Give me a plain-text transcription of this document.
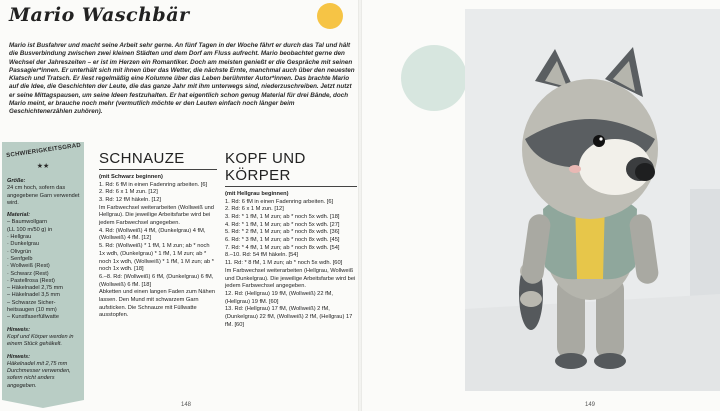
Mario Waschbär

Mario ist Busfahrer und macht seine Arbeit sehr gerne. An fünf Tagen in der Woche fährt er durch das Tal und hält die Busverbindung zwischen zwei kleinen Städten und dem Dorf am Fluss aufrecht. Mario beobachtet gerne den Wechsel der Jahreszeiten – er ist im Herzen ein Romantiker. Doch am meisten genießt er die Gespräche mit seinen Passagier*innen. Er unterhält sich mit ihnen über das Wetter, die nächste Ernte, manchmal auch über den neuesten Klatsch und Tratsch. Er liest regelmäßig eine Kolumne über das Leben berühmter Autor*innen. Das brachte Mario auf die Idee, die Geschichten der Leute, die das ganze Jahr mit ihm unterwegs sind, niederzuschreiben. Jetzt nutzt er seine Mittagspausen, um seine Ideen festzuhalten. Er hat eigentlich schon genug Material für drei Bände, doch Mario meint, er brauche noch mehr (vermutlich möchte er den Leuten einfach noch länger beim Geschichtenerzählen zuhören).

SCHWIERIGKEITSGRAD
★★
Größe:
24 cm hoch, sofern das angegebene Garn verwendet wird.
Material:
– Baumwollgarn
(LL 100 m/50 g) in
· Hellgrau
· Dunkelgrau
· Olivgrün
· Senfgelb
· Wollweiß (Rest)
· Schwarz (Rest)
· Pastellrosa (Rest)
– Häkelnadel 2,75 mm
– Häkelnadel 3,5 mm
– Schwarze Sicher-
heitsaugen (10 mm)
– Kunstfaserfüllwatte
Hinweis:
Kopf und Körper werden in einem Stück gehäkelt.
Hinweis:
Häkelnadel mit 2,75 mm Durchmesser verwenden, sofern nicht anders angegeben.
SCHNAUZE
(mit Schwarz beginnen)

1. Rd: 6 fM in einen Fadenring arbeiten. [6]

2. Rd: 6 x 1 M zun. [12]

3. Rd: 12 fM häkeln. [12]

Im Farbwechsel weiterarbeiten (Wollweiß und Hellgrau). Die jeweilige Arbeitsfarbe wird bei jedem Farbwechsel angegeben.

4. Rd: (Wollweiß) 4 fM, (Dunkelgrau) 4 fM, (Wollweiß) 4 fM. [12]

5. Rd: (Wollweiß) * 1 fM, 1 M zun; ab * noch 1x wdh, (Dunkelgrau) * 1 fM, 1 M zun; ab * noch 1x wdh, (Wollweiß) * 1 fM, 1 M zun; ab * noch 1x wdh. [18]

6.–8. Rd: (Wollweiß) 6 fM, (Dunkelgrau) 6 fM, (Wollweiß) 6 fM. [18]

Abketten und einen langen Faden zum Nähen lassen. Den Mund mit schwarzem Garn aufsticken. Die Schnauze mit Füllwatte ausstopfen.

KOPF UND KÖRPER
(mit Hellgrau beginnen)

1. Rd: 6 fM in einen Fadenring arbeiten. [6]

2. Rd: 6 x 1 M zun. [12]

3. Rd: * 1 fM, 1 M zun; ab * noch 5x wdh. [18]

4. Rd: * 1 fM, 1 M zun; ab * noch 5x wdh. [27]

5. Rd: * 2 fM, 1 M zun; ab * noch 8x wdh. [36]

6. Rd: * 3 fM, 1 M zun; ab * noch 8x wdh. [45]

7. Rd: * 4 fM, 1 M zun; ab * noch 8x wdh. [54]

8.–10. Rd: 54 fM häkeln. [54]

11. Rd: * 8 fM, 1 M zun; ab * noch 5x wdh. [60]

Im Farbwechsel weiterarbeiten (Hellgrau, Wollweiß und Dunkelgrau). Die jeweilige Arbeitsfarbe wird bei jedem Farbwechsel angegeben.

12. Rd: (Hellgrau) 19 fM, (Wollweiß) 22 fM, (Hellgrau) 19 fM. [60]

13. Rd: (Hellgrau) 17 fM, (Wollweiß) 2 fM, (Dunkelgrau) 22 fM, (Wollweiß) 2 fM, (Hellgrau) 17 fM. [60]

148	149
